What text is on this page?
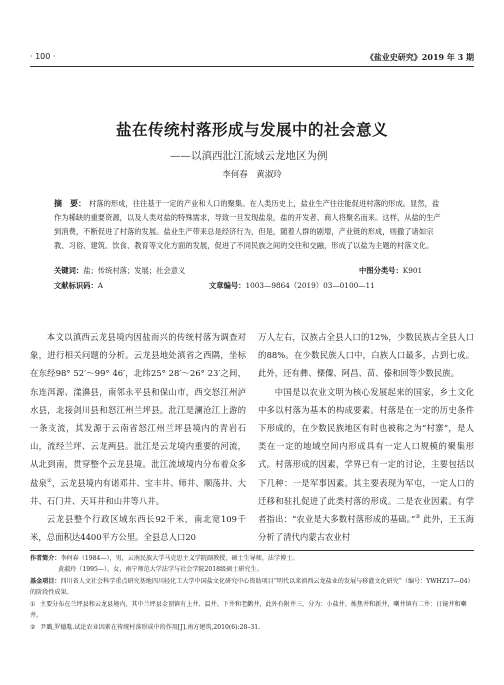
· 100 ·	《盐业史研究》2019 年 3 期
盐在传统村落形成与发展中的社会意义
——以滇西沘江流域云龙地区为例
李何春　黄淑玲
摘　要： 村落的形成，往往基于一定的产业和人口的聚集。在人类历史上，盐业生产往往能促进村落的形成。显然，盐作为稀缺的重要资源，以及人类对盐的特殊需求，导致一旦发现盐泉，盐的开发者、商人将聚名而来。这样，从盐的生产到消费，不断促进了村落的发展。盐业生产带来总是经济行为，但是，随着人群的剧增，产业链的形成，则撒了诸如宗教、习俗、建筑、饮食、教育等文化方面的发展，促进了不同民族之间的交往和交融，形成了以盐为主题的村落文化。
关键词：盐；传统村落；发展；社会意义	中图分类号：K901
文献标识码：A	文章编号：1003—9864（2019）03—0100—11

本文以滇西云龙县境内因盐而兴的传统村落为调查对象，进行相关问题的分析。云龙县地处滇省之西隅，坐标在东经98° 52′～99° 46′，北纬25° 28′～26° 23′之间，东连洱源、漾濞县，南邻永平县和保山市，西交怒江州泸水县，北接剑川县和怒江州兰坪县。沘江是澜沧江上游的一条支流，其发源于云南省怒江州兰坪县境内的青岩石山，流经兰坪、云龙两县。沘江是云龙境内重要的河流，从北到南，贯穿整个云龙县境。沘江流域境内分布着众多盐泉①，云龙县境内有诺邓井、宝丰井、师井、顺荡井、大井、石门井、天耳井和山井等八井。

云龙县整个行政区域东西长92千米，南北宽109千米，总面积达4400平方公里。全县总人口20

万人左右，汉族占全县人口的12%，少数民族占全县人口的88%。在少数民族人口中，白族人口最多，占到七成。此外，还有彝、傈僳、阿昌、苗、傣和回等少数民族。

中国是以农业文明为核心发展起来的国家，乡土文化中多以村落为基本的构成要素。村落是在一定的历史条件下形成的，在少数民族地区有时也被称之为“村寨”，是人类在一定的地域空间内形成具有一定人口规模的聚集形式。村落形成的因素，学界已有一定的讨论，主要包括以下几种：一是军事因素。其主要表现为军屯，一定人口的迁移和驻扎促进了此类村落的形成。二是农业因素。有学者指出：“农业是大多数村落形成的基础。”② 此外，王玉海分析了清代内蒙古农业村

作者简介：李何春（1984—），男，云南民族大学马克思主义学院副教授，硕士生导师，法学博士。
黄淑玲（1995—），女，南宁师范大学法学与社会学院2018级硕士研究生。
基金项目：四川省人文社会科学重点研究基地四川轻化工大学中国盐文化研究中心资助项目“明代以来滇西云龙盐业的发展与移灌文化研究”（编号：YWHZ17—04）的阶段性成果。
① 主要分布在兰坪县和云龙县境内，其中兰坪县金顶镇有上井、温井、下井和老鹳井，此外有附井三，分为：小盐井、炼焦井和新井，喇井镇有二井：日镜井和喇井。
② 尹璐,罗德胤.试论农业因素在传统村落形成中的作用[J].南方建筑,2010(6):28–31.
